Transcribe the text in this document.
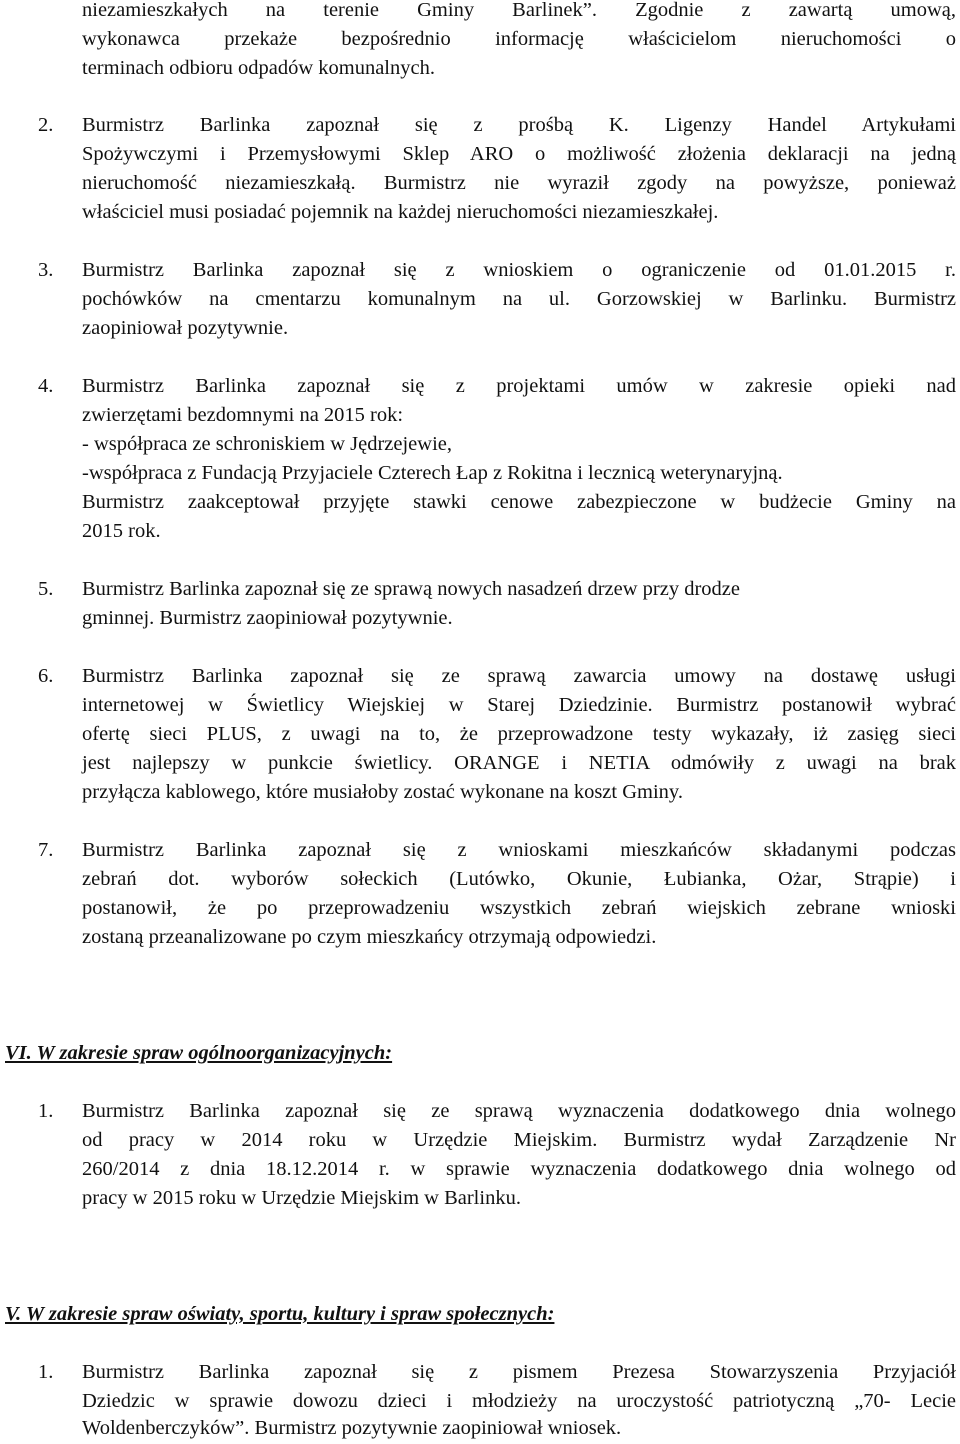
niezamieszkałych na terenie Gminy Barlinek”. Zgodnie z zawartą umową,
wykonawca przekaże bezpośrednio informację właścicielom nieruchomości o
terminach odbioru odpadów komunalnych.
2. Burmistrz Barlinka zapoznał się z prośbą K. Ligenzy Handel Artykułami
Spożywczymi i Przemysłowymi Sklep ARO o możliwość złożenia deklaracji na jedną
nieruchomość niezamieszkałą. Burmistrz nie wyraził zgody na powyższe, ponieważ
właściciel musi posiadać pojemnik na każdej nieruchomości niezamieszkałej.
3. Burmistrz Barlinka zapoznał się z wnioskiem o ograniczenie od 01.01.2015 r.
pochówków na cmentarzu komunalnym na ul. Gorzowskiej w Barlinku. Burmistrz
zaopiniował pozytywnie.
4. Burmistrz Barlinka zapoznał się z projektami umów w zakresie opieki nad
zwierzętami bezdomnymi na 2015 rok:
- współpraca ze schroniskiem w Jędrzejewie,
-współpraca z Fundacją Przyjaciele Czterech Łap z Rokitna i lecznicą weterynaryjną.
Burmistrz zaakceptował przyjęte stawki cenowe zabezpieczone w budżecie Gminy na
2015 rok.
5. Burmistrz Barlinka zapoznał się ze sprawą nowych nasadzeń drzew przy drodze
gminnej. Burmistrz zaopiniował pozytywnie.
6. Burmistrz Barlinka zapoznał się ze sprawą zawarcia umowy na dostawę usługi
internetowej w Świetlicy Wiejskiej w Starej Dziedzinie. Burmistrz postanowił wybrać
ofertę sieci PLUS, z uwagi na to, że przeprowadzone testy wykazały, iż zasięg sieci
jest najlepszy w punkcie świetlicy. ORANGE i NETIA odmówiły z uwagi na brak
przyłącza kablowego, które musiałoby zostać wykonane na koszt Gminy.
7. Burmistrz Barlinka zapoznał się z wnioskami mieszkańców składanymi podczas
zebrań dot. wyborów sołeckich (Lutówko, Okunie, Łubianka, Ożar, Strąpie) i
postanowił, że po przeprowadzeniu wszystkich zebrań wiejskich zebrane wnioski
zostaną przeanalizowane po czym mieszkańcy otrzymają odpowiedzi.
VI. W zakresie spraw ogólnoorganizacyjnych:
1. Burmistrz Barlinka zapoznał się ze sprawą wyznaczenia dodatkowego dnia wolnego
od pracy w 2014 roku w Urzędzie Miejskim. Burmistrz wydał Zarządzenie Nr
260/2014 z dnia 18.12.2014 r. w sprawie wyznaczenia dodatkowego dnia wolnego od
pracy w 2015 roku w Urzędzie Miejskim w Barlinku.
V. W zakresie spraw oświaty, sportu, kultury i spraw społecznych:
1. Burmistrz Barlinka zapoznał się z pismem Prezesa Stowarzyszenia Przyjaciół
Dziedzic w sprawie dowozu dzieci i młodzieży na uroczystość patriotyczną „70- Lecie
Woldenberczyków”. Burmistrz pozytywnie zaopiniował wniosek.
